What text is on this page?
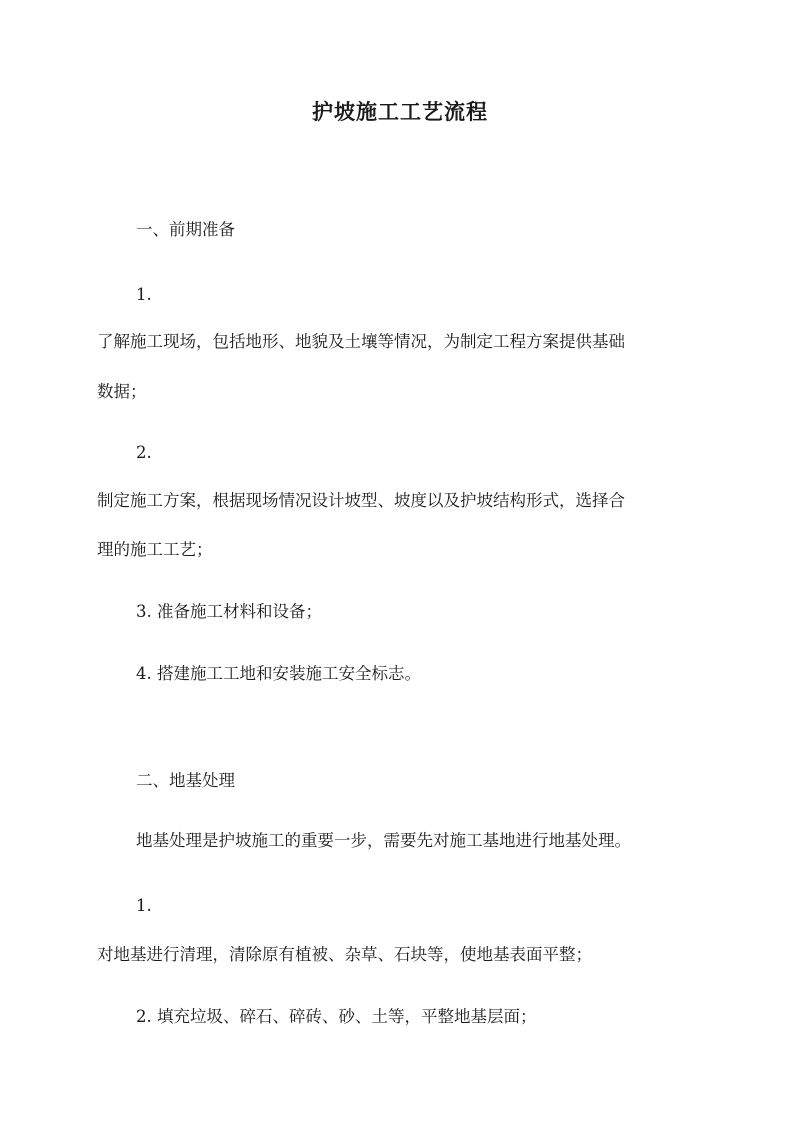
护坡施工工艺流程
一、前期准备
1.
了解施工现场，包括地形、地貌及土壤等情况，为制定工程方案提供基础
数据；
2.
制定施工方案，根据现场情况设计坡型、坡度以及护坡结构形式，选择合
理的施工工艺；
3. 准备施工材料和设备；
4. 搭建施工工地和安装施工安全标志。
二、地基处理
地基处理是护坡施工的重要一步，需要先对施工基地进行地基处理。
1.
对地基进行清理，清除原有植被、杂草、石块等，使地基表面平整；
2. 填充垃圾、碎石、碎砖、砂、土等，平整地基层面；
